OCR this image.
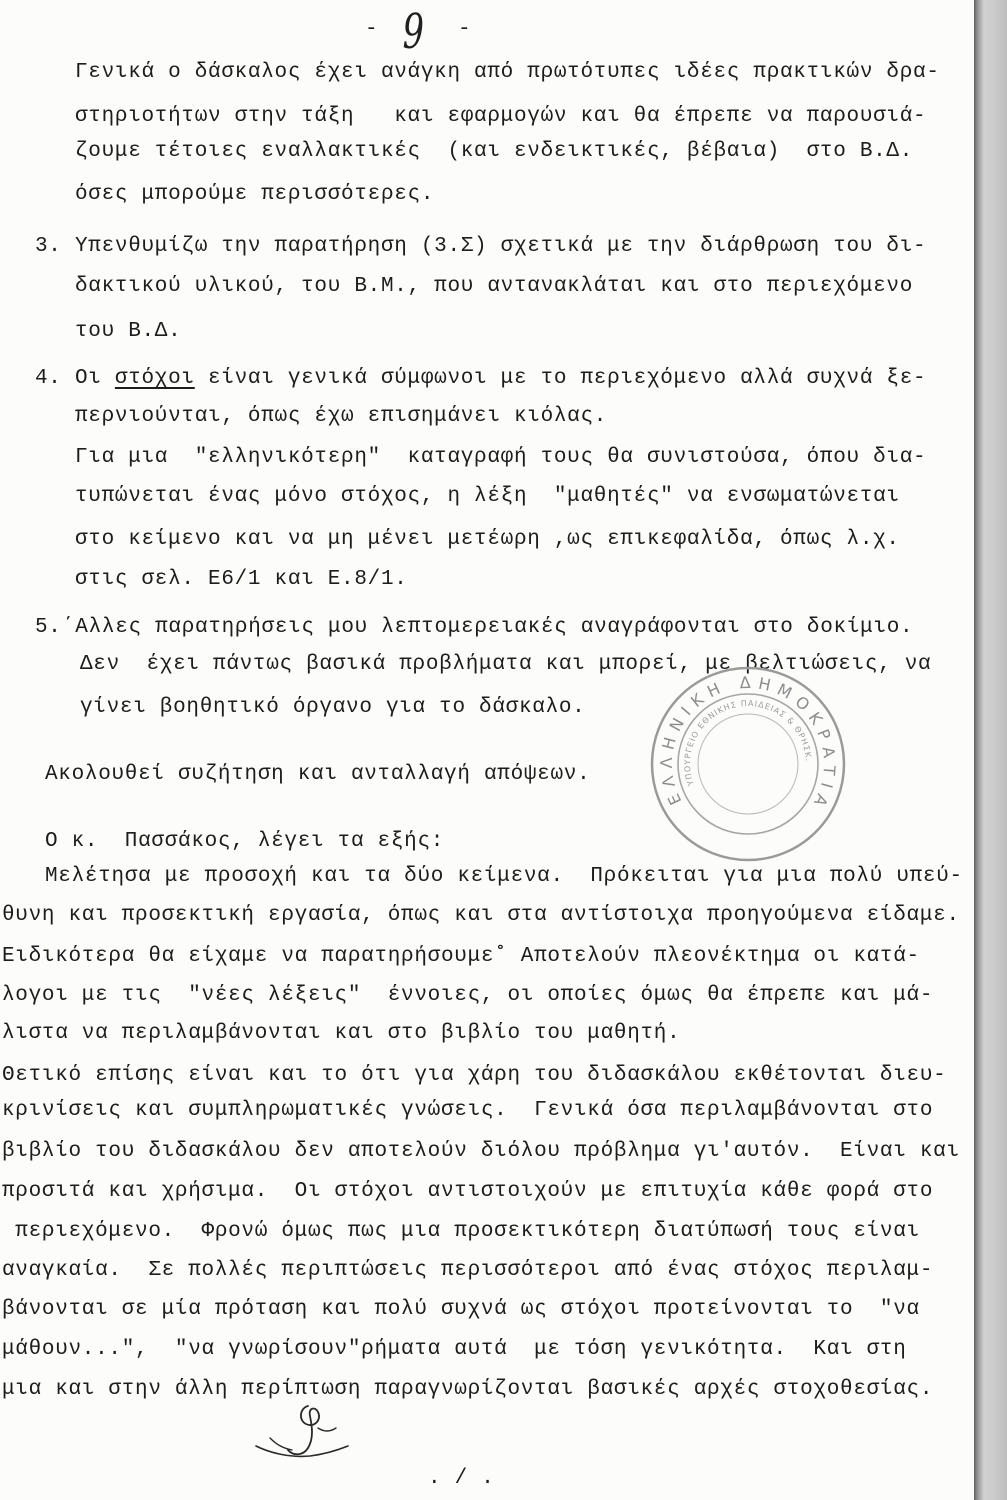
- 9 -
Γενικά ο δάσκαλος έχει ανάγκη από πρωτότυπες ιδέες πρακτικών δρα-
στηριοτήτων στην τάξη   και εφαρμογών και θα έπρεπε να παρουσιά-
ζουμε τέτοιες εναλλακτικές  (και ενδεικτικές, βέβαια)  στο Β.Δ.
όσες μπορούμε περισσότερες.
3. Υπενθυμίζω την παρατήρηση (3.Σ) σχετικά με την διάρθρωση του δι-
δακτικού υλικού, του Β.Μ., που αντανακλάται και στο περιεχόμενο
του Β.Δ.
4. Οι στόχοι είναι γενικά σύμφωνοι με το περιεχόμενο αλλά συχνά ξε-
περνιούνται, όπως έχω επισημάνει κιόλας.
Για μια  "ελληνικότερη"  καταγραφή τους θα συνιστούσα, όπου δια-
τυπώνεται ένας μόνο στόχος, η λέξη  "μαθητές" να ενσωματώνεται
στο κείμενο και να μη μένει μετέωρη ,ως επικεφαλίδα, όπως λ.χ.
στις σελ. Ε6/1 και Ε.8/1.
5. ΄Αλλες παρατηρήσεις μου λεπτομερειακές αναγράφονται στο δοκίμιο.
Δεν  έχει πάντως βασικά προβλήματα και μπορεί, με βελτιώσεις, να
γίνει βοηθητικό όργανο για το δάσκαλο.
Ακολουθεί συζήτηση και ανταλλαγή απόψεων.
Ο κ.  Πασσάκος, λέγει τα εξής:
Μελέτησα με προσοχή και τα δύο κείμενα.  Πρόκειται για μια πολύ υπεύ-
θυνη και προσεκτική εργασία, όπως και στα αντίστοιχα προηγούμενα είδαμε.
Ειδικότερα θα είχαμε να παρατηρήσουμε˚ Αποτελούν πλεονέκτημα οι κατά-
λογοι με τις  "νέες λέξεις"  έννοιες, οι οποίες όμως θα έπρεπε και μά-
λιστα να περιλαμβάνονται και στο βιβλίο του μαθητή.
Θετικό επίσης είναι και το ότι για χάρη του διδασκάλου εκθέτονται διευ-
κρινίσεις και συμπληρωματικές γνώσεις.  Γενικά όσα περιλαμβάνονται στο
βιβλίο του διδασκάλου δεν αποτελούν διόλου πρόβλημα γι'αυτόν.  Είναι και
προσιτά και χρήσιμα.  Οι στόχοι αντιστοιχούν με επιτυχία κάθε φορά στο
περιεχόμενο.  Φρονώ όμως πως μια προσεκτικότερη διατύπωσή τους είναι
αναγκαία.  Σε πολλές περιπτώσεις περισσότεροι από ένας στόχος περιλαμ-
βάνονται σε μία πρόταση και πολύ συχνά ως στόχοι προτείνονται το  "να
μάθουν...",  "να γνωρίσουν"ρήματα αυτά  με τόση γενικότητα.  Και στη
μια και στην άλλη περίπτωση παραγνωρίζονται βασικές αρχές στοχοθεσίας.
ΕΛΛΗΝΙΚΗ ΔΗΜΟΚΡΑΤΙΑ
ΥΠΟΥΡΓΕΙΟ ΕΘΝΙΚΗΣ ΠΑΙΔΕΙΑΣ & ΘΡΗΣΚ.
. / .
